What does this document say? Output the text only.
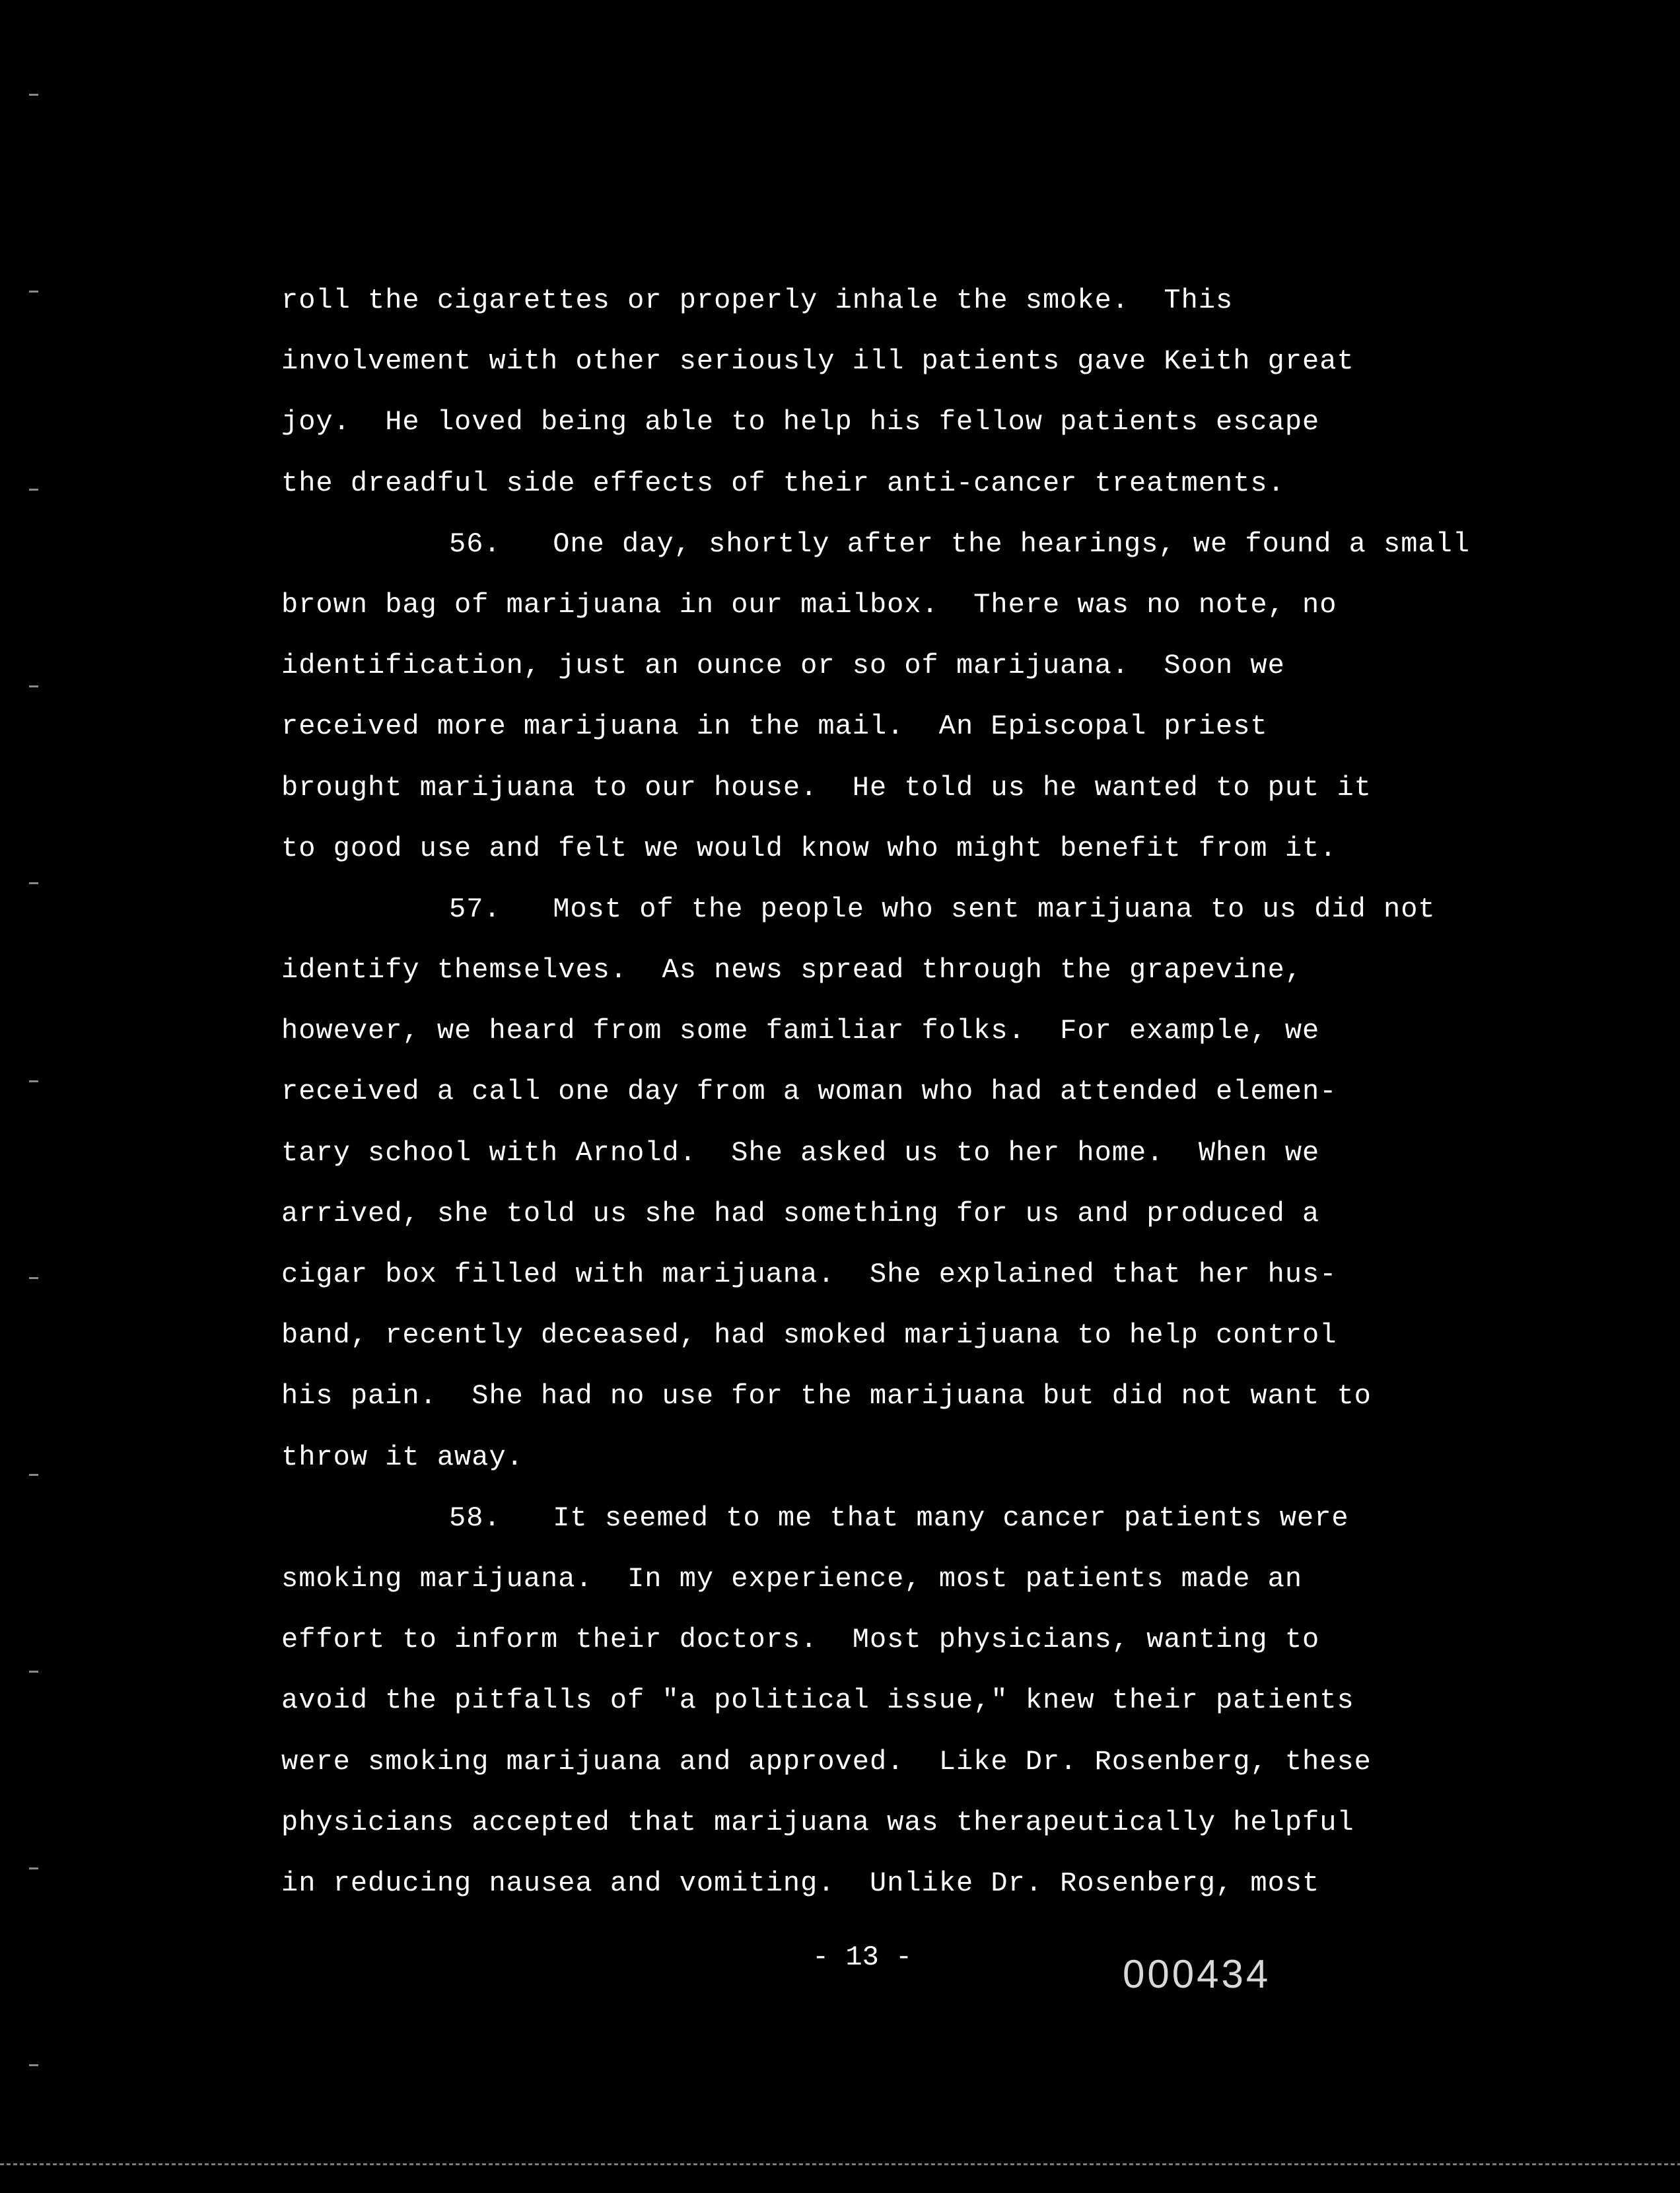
roll the cigarettes or properly inhale the smoke.  This
involvement with other seriously ill patients gave Keith great
joy.  He loved being able to help his fellow patients escape
the dreadful side effects of their anti-cancer treatments.
56.   One day, shortly after the hearings, we found a small
brown bag of marijuana in our mailbox.  There was no note, no
identification, just an ounce or so of marijuana.  Soon we
received more marijuana in the mail.  An Episcopal priest
brought marijuana to our house.  He told us he wanted to put it
to good use and felt we would know who might benefit from it.
57.   Most of the people who sent marijuana to us did not
identify themselves.  As news spread through the grapevine,
however, we heard from some familiar folks.  For example, we
received a call one day from a woman who had attended elemen-
tary school with Arnold.  She asked us to her home.  When we
arrived, she told us she had something for us and produced a
cigar box filled with marijuana.  She explained that her hus-
band, recently deceased, had smoked marijuana to help control
his pain.  She had no use for the marijuana but did not want to
throw it away.
58.   It seemed to me that many cancer patients were
smoking marijuana.  In my experience, most patients made an
effort to inform their doctors.  Most physicians, wanting to
avoid the pitfalls of "a political issue," knew their patients
were smoking marijuana and approved.  Like Dr. Rosenberg, these
physicians accepted that marijuana was therapeutically helpful
in reducing nausea and vomiting.  Unlike Dr. Rosenberg, most
- 13 -	000434
